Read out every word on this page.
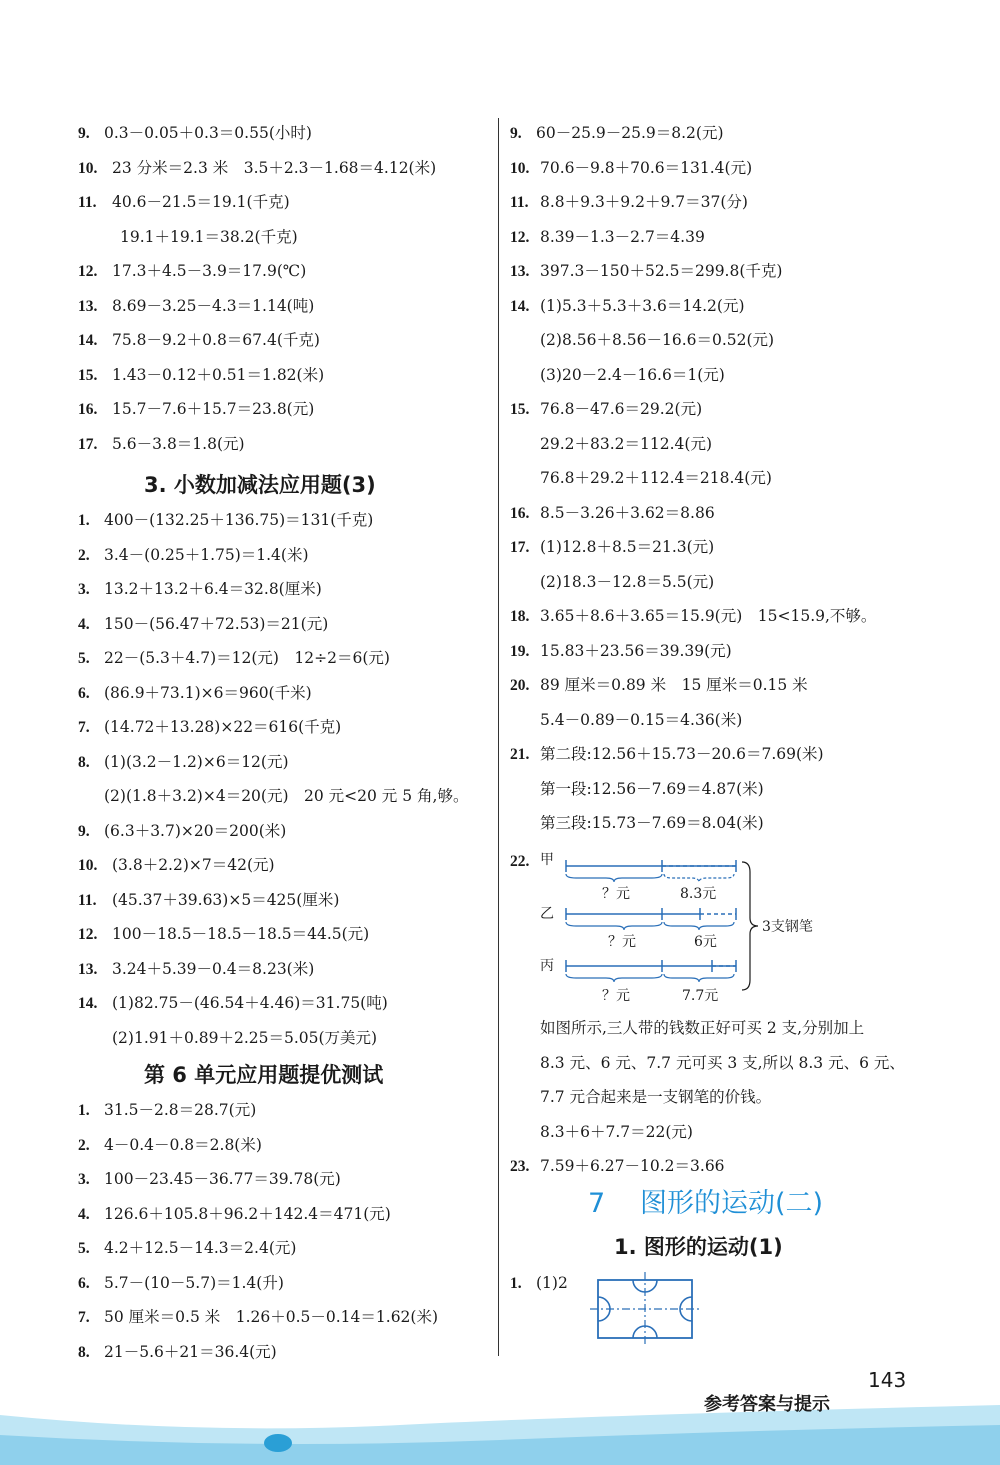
9. 0.3－0.05＋0.3＝0.55(小时)
10. 23 分米＝2.3 米　3.5＋2.3－1.68＝4.12(米)
11. 40.6－21.5＝19.1(千克)
19.1＋19.1＝38.2(千克)
12. 17.3＋4.5－3.9＝17.9(℃)
13. 8.69－3.25－4.3＝1.14(吨)
14. 75.8－9.2＋0.8＝67.4(千克)
15. 1.43－0.12＋0.51＝1.82(米)
16. 15.7－7.6＋15.7＝23.8(元)
17. 5.6－3.8＝1.8(元)
3. 小数加减法应用题(3)
1. 400－(132.25＋136.75)＝131(千克)
2. 3.4－(0.25＋1.75)＝1.4(米)
3. 13.2＋13.2＋6.4＝32.8(厘米)
4. 150－(56.47＋72.53)＝21(元)
5. 22－(5.3＋4.7)＝12(元)　12÷2＝6(元)
6. (86.9＋73.1)×6＝960(千米)
7. (14.72＋13.28)×22＝616(千克)
8. (1)(3.2－1.2)×6＝12(元)
(2)(1.8＋3.2)×4＝20(元)　20 元<20 元 5 角,够。
9. (6.3＋3.7)×20＝200(米)
10. (3.8＋2.2)×7＝42(元)
11. (45.37＋39.63)×5＝425(厘米)
12. 100－18.5－18.5－18.5＝44.5(元)
13. 3.24＋5.39－0.4＝8.23(米)
14. (1)82.75－(46.54＋4.46)＝31.75(吨)
(2)1.91＋0.89＋2.25＝5.05(万美元)
第 6 单元应用题提优测试
1. 31.5－2.8＝28.7(元)
2. 4－0.4－0.8＝2.8(米)
3. 100－23.45－36.77＝39.78(元)
4. 126.6＋105.8＋96.2＋142.4＝471(元)
5. 4.2＋12.5－14.3＝2.4(元)
6. 5.7－(10－5.7)＝1.4(升)
7. 50 厘米＝0.5 米　1.26＋0.5－0.14＝1.62(米)
8. 21－5.6＋21＝36.4(元)
9. 60－25.9－25.9＝8.2(元)
10. 70.6－9.8＋70.6＝131.4(元)
11. 8.8＋9.3＋9.2＋9.7＝37(分)
12. 8.39－1.3－2.7＝4.39
13. 397.3－150＋52.5＝299.8(千克)
14. (1)5.3＋5.3＋3.6＝14.2(元)
(2)8.56＋8.56－16.6＝0.52(元)
(3)20－2.4－16.6＝1(元)
15. 76.8－47.6＝29.2(元)
29.2＋83.2＝112.4(元)
76.8＋29.2＋112.4＝218.4(元)
16. 8.5－3.26＋3.62＝8.86
17. (1)12.8＋8.5＝21.3(元)
(2)18.3－12.8＝5.5(元)
18. 3.65＋8.6＋3.65＝15.9(元)　15<15.9,不够。
19. 15.83＋23.56＝39.39(元)
20. 89 厘米＝0.89 米　15 厘米＝0.15 米
5.4－0.89－0.15＝4.36(米)
21. 第二段:12.56＋15.73－20.6＝7.69(米)
第一段:12.56－7.69＝4.87(米)
第三段:15.73－7.69＝8.04(米)
22. 甲
？元	8.3元
乙
？元	6元
丙
？元	7.7元
3支钢笔
如图所示,三人带的钱数正好可买 2 支,分别加上
8.3 元、6 元、7.7 元可买 3 支,所以 8.3 元、6 元、
7.7 元合起来是一支钢笔的价钱。
8.3＋6＋7.7＝22(元)
23. 7.59＋6.27－10.2＝3.66
7 图形的运动(二)
1. 图形的运动(1)
1. (1)2
143
参考答案与提示
